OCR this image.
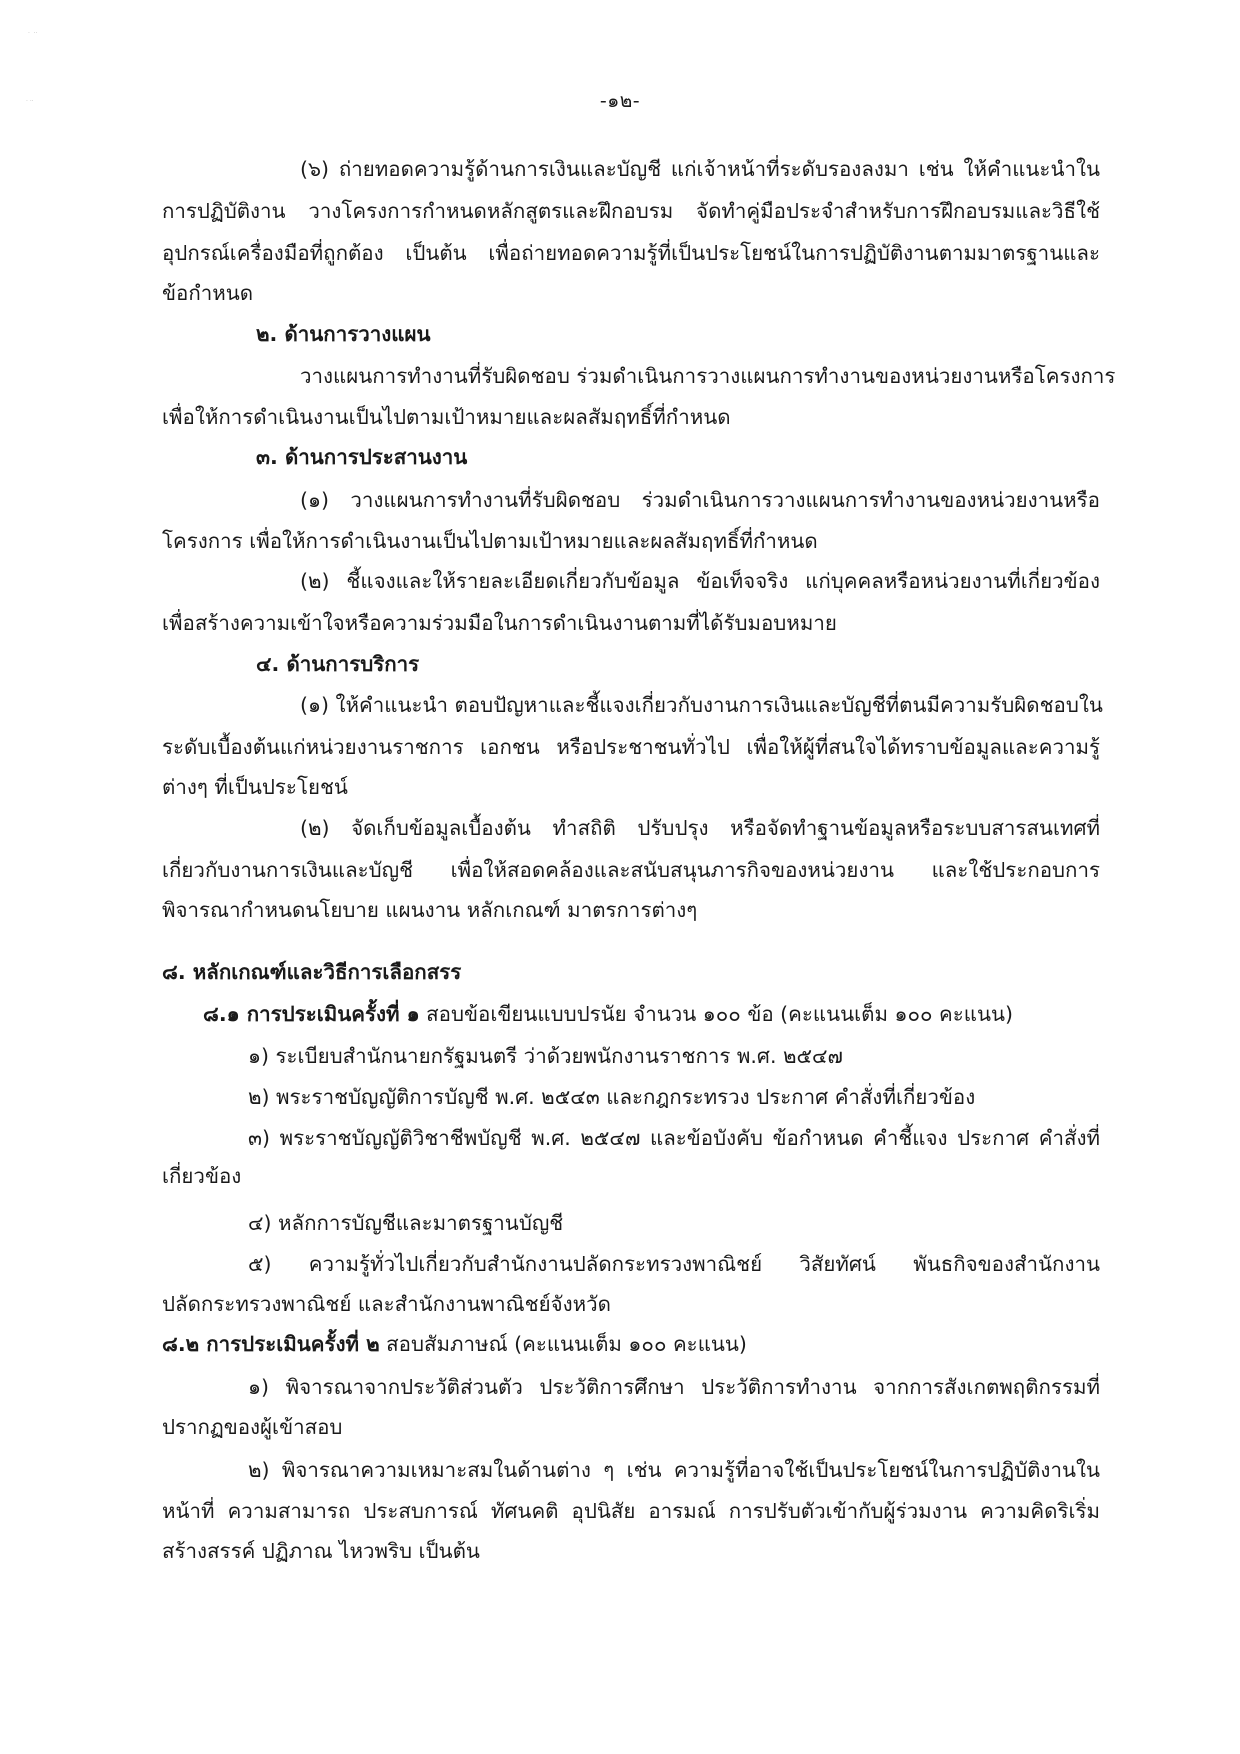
·  ··
· ··	-๑๒-
(๖) ถ่ายทอดความรู้ด้านการเงินและบัญชี แก่เจ้าหน้าที่ระดับรองลงมา เช่น ให้คำแนะนำใน
การปฏิบัติงาน วางโครงการกำหนดหลักสูตรและฝึกอบรม จัดทำคู่มือประจำสำหรับการฝึกอบรมและวิธีใช้
อุปกรณ์เครื่องมือที่ถูกต้อง เป็นต้น เพื่อถ่ายทอดความรู้ที่เป็นประโยชน์ในการปฏิบัติงานตามมาตรฐานและ
ข้อกำหนด
๒. ด้านการวางแผน
วางแผนการทำงานที่รับผิดชอบ ร่วมดำเนินการวางแผนการทำงานของหน่วยงานหรือโครงการ
เพื่อให้การดำเนินงานเป็นไปตามเป้าหมายและผลสัมฤทธิ์ที่กำหนด
๓. ด้านการประสานงาน
(๑) วางแผนการทำงานที่รับผิดชอบ ร่วมดำเนินการวางแผนการทำงานของหน่วยงานหรือ
โครงการ เพื่อให้การดำเนินงานเป็นไปตามเป้าหมายและผลสัมฤทธิ์ที่กำหนด
(๒) ชี้แจงและให้รายละเอียดเกี่ยวกับข้อมูล ข้อเท็จจริง แก่บุคคลหรือหน่วยงานที่เกี่ยวข้อง
เพื่อสร้างความเข้าใจหรือความร่วมมือในการดำเนินงานตามที่ได้รับมอบหมาย
๔. ด้านการบริการ
(๑) ให้คำแนะนำ ตอบปัญหาและชี้แจงเกี่ยวกับงานการเงินและบัญชีที่ตนมีความรับผิดชอบใน
ระดับเบื้องต้นแก่หน่วยงานราชการ เอกชน หรือประชาชนทั่วไป เพื่อให้ผู้ที่สนใจได้ทราบข้อมูลและความรู้
ต่างๆ ที่เป็นประโยชน์
(๒) จัดเก็บข้อมูลเบื้องต้น ทำสถิติ ปรับปรุง หรือจัดทำฐานข้อมูลหรือระบบสารสนเทศที่
เกี่ยวกับงานการเงินและบัญชี เพื่อให้สอดคล้องและสนับสนุนภารกิจของหน่วยงาน และใช้ประกอบการ
พิจารณากำหนดนโยบาย แผนงาน หลักเกณฑ์ มาตรการต่างๆ
๘. หลักเกณฑ์และวิธีการเลือกสรร
๘.๑ การประเมินครั้งที่ ๑ สอบข้อเขียนแบบปรนัย จำนวน ๑๐๐ ข้อ (คะแนนเต็ม ๑๐๐ คะแนน)
๑) ระเบียบสำนักนายกรัฐมนตรี ว่าด้วยพนักงานราชการ พ.ศ. ๒๕๔๗
๒) พระราชบัญญัติการบัญชี พ.ศ. ๒๕๔๓ และกฎกระทรวง ประกาศ คำสั่งที่เกี่ยวข้อง
๓) พระราชบัญญัติวิชาชีพบัญชี พ.ศ. ๒๕๔๗ และข้อบังคับ ข้อกำหนด คำชี้แจง ประกาศ คำสั่งที่
เกี่ยวข้อง
๔) หลักการบัญชีและมาตรฐานบัญชี
๕) ความรู้ทั่วไปเกี่ยวกับสำนักงานปลัดกระทรวงพาณิชย์ วิสัยทัศน์ พันธกิจของสำนักงาน
ปลัดกระทรวงพาณิชย์ และสำนักงานพาณิชย์จังหวัด
๘.๒ การประเมินครั้งที่ ๒ สอบสัมภาษณ์ (คะแนนเต็ม ๑๐๐ คะแนน)
๑) พิจารณาจากประวัติส่วนตัว ประวัติการศึกษา ประวัติการทำงาน จากการสังเกตพฤติกรรมที่
ปรากฏของผู้เข้าสอบ
๒) พิจารณาความเหมาะสมในด้านต่าง ๆ เช่น ความรู้ที่อาจใช้เป็นประโยชน์ในการปฏิบัติงานใน
หน้าที่ ความสามารถ ประสบการณ์ ทัศนคติ อุปนิสัย อารมณ์ การปรับตัวเข้ากับผู้ร่วมงาน ความคิดริเริ่ม
สร้างสรรค์ ปฏิภาณ ไหวพริบ เป็นต้น
